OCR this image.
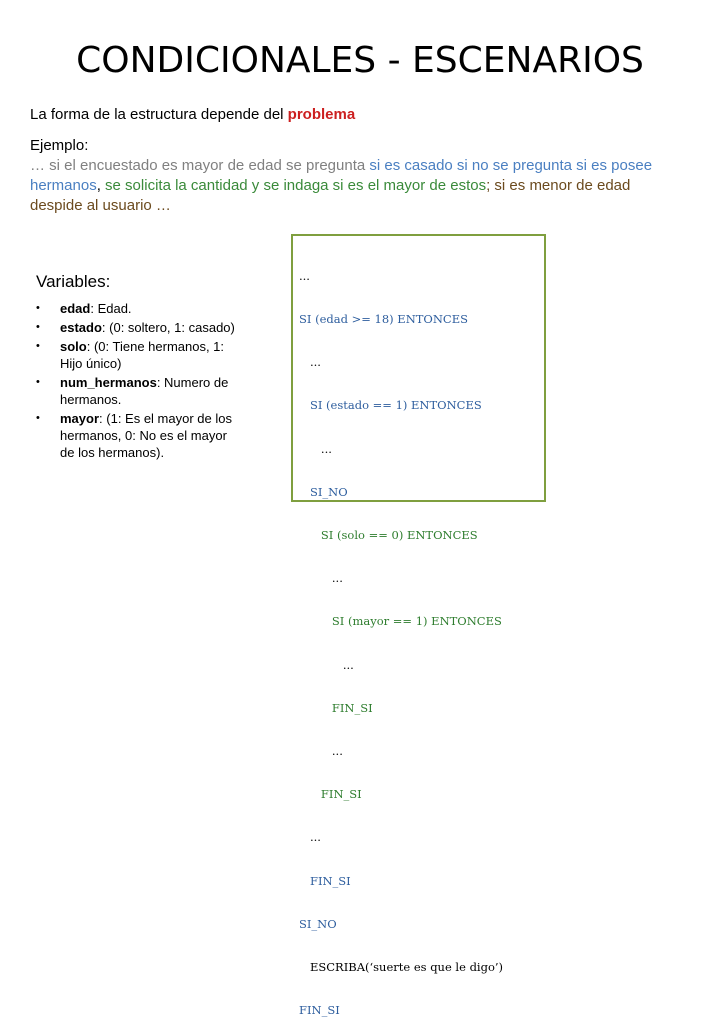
CONDICIONALES - ESCENARIOS
La forma de la estructura depende del problema
Ejemplo:
… si el encuestado es mayor de edad se pregunta si es casado si no se pregunta si es posee hermanos, se solicita la cantidad y se indaga si es el mayor de estos; si es menor de edad despide al usuario …
Variables:
• edad: Edad.
• estado: (0: soltero, 1: casado)
• solo: (0: Tiene hermanos, 1: Hijo único)
• num_hermanos: Numero de hermanos.
• mayor: (1: Es el mayor de los hermanos, 0: No es el mayor de los hermanos).

...

SI (edad >= 18) ENTONCES

...

SI (estado == 1) ENTONCES

...

SI_NO

SI (solo == 0) ENTONCES

...

SI (mayor == 1) ENTONCES

...

FIN_SI

...

FIN_SI

...

FIN_SI

SI_NO

ESCRIBA(‘suerte es que le digo’)

FIN_SI
